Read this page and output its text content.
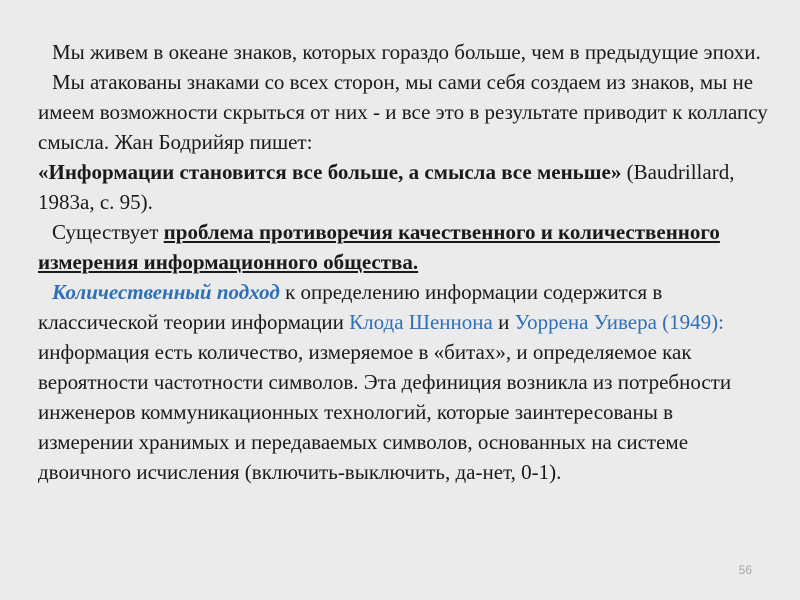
Мы живем в океане знаков, которых гораздо больше, чем в предыдущие эпохи.

Мы атакованы знаками со всех сторон, мы сами себя создаем из знаков, мы не имеем возможности скрыться от них - и все это в результате приводит к коллапсу смысла. Жан Бодрийяр пишет:

«Информации становится все больше, а смысла все меньше» (Baudrillard, 1983а, с. 95).

Существует проблема противоречия качественного и количественного измерения информационного общества.

Количественный подход к определению информации содержится в классической теории информации Клода Шеннона и Уоррена Уивера (1949): информация есть количество, измеряемое в «битах», и определяемое как вероятности частотности символов. Эта дефиниция возникла из потребности инженеров коммуникационных технологий, которые заинтересованы в измерении хранимых и передаваемых символов, основанных на системе двоичного исчисления (включить-выключить, да-нет, 0-1).

56
